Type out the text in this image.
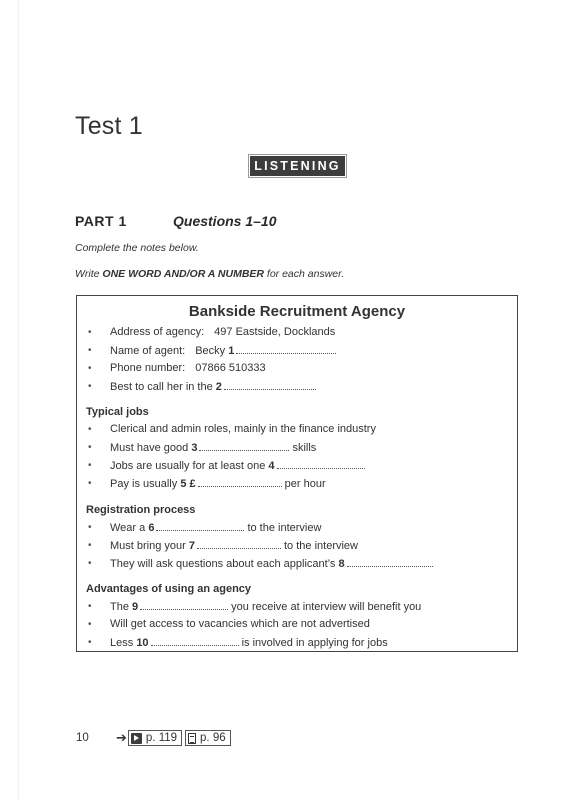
Test 1
LISTENING
PART 1	Questions 1–10
Complete the notes below.
Write ONE WORD AND/OR A NUMBER for each answer.
Bankside Recruitment Agency
• Address of agency: 497 Eastside, Docklands
• Name of agent: Becky 1
• Phone number: 07866 510333
• Best to call her in the 2
Typical jobs
• Clerical and admin roles, mainly in the finance industry
• Must have good 3	skills
• Jobs are usually for at least one 4
• Pay is usually 5 £	per hour
Registration process
• Wear a 6	to the interview
• Must bring your 7	to the interview
• They will ask questions about each applicant’s 8
Advantages of using an agency
• The 9	you receive at interview will benefit you
• Will get access to vacancies which are not advertised
• Less 10	is involved in applying for jobs
10	➔ p. 119 p. 96
